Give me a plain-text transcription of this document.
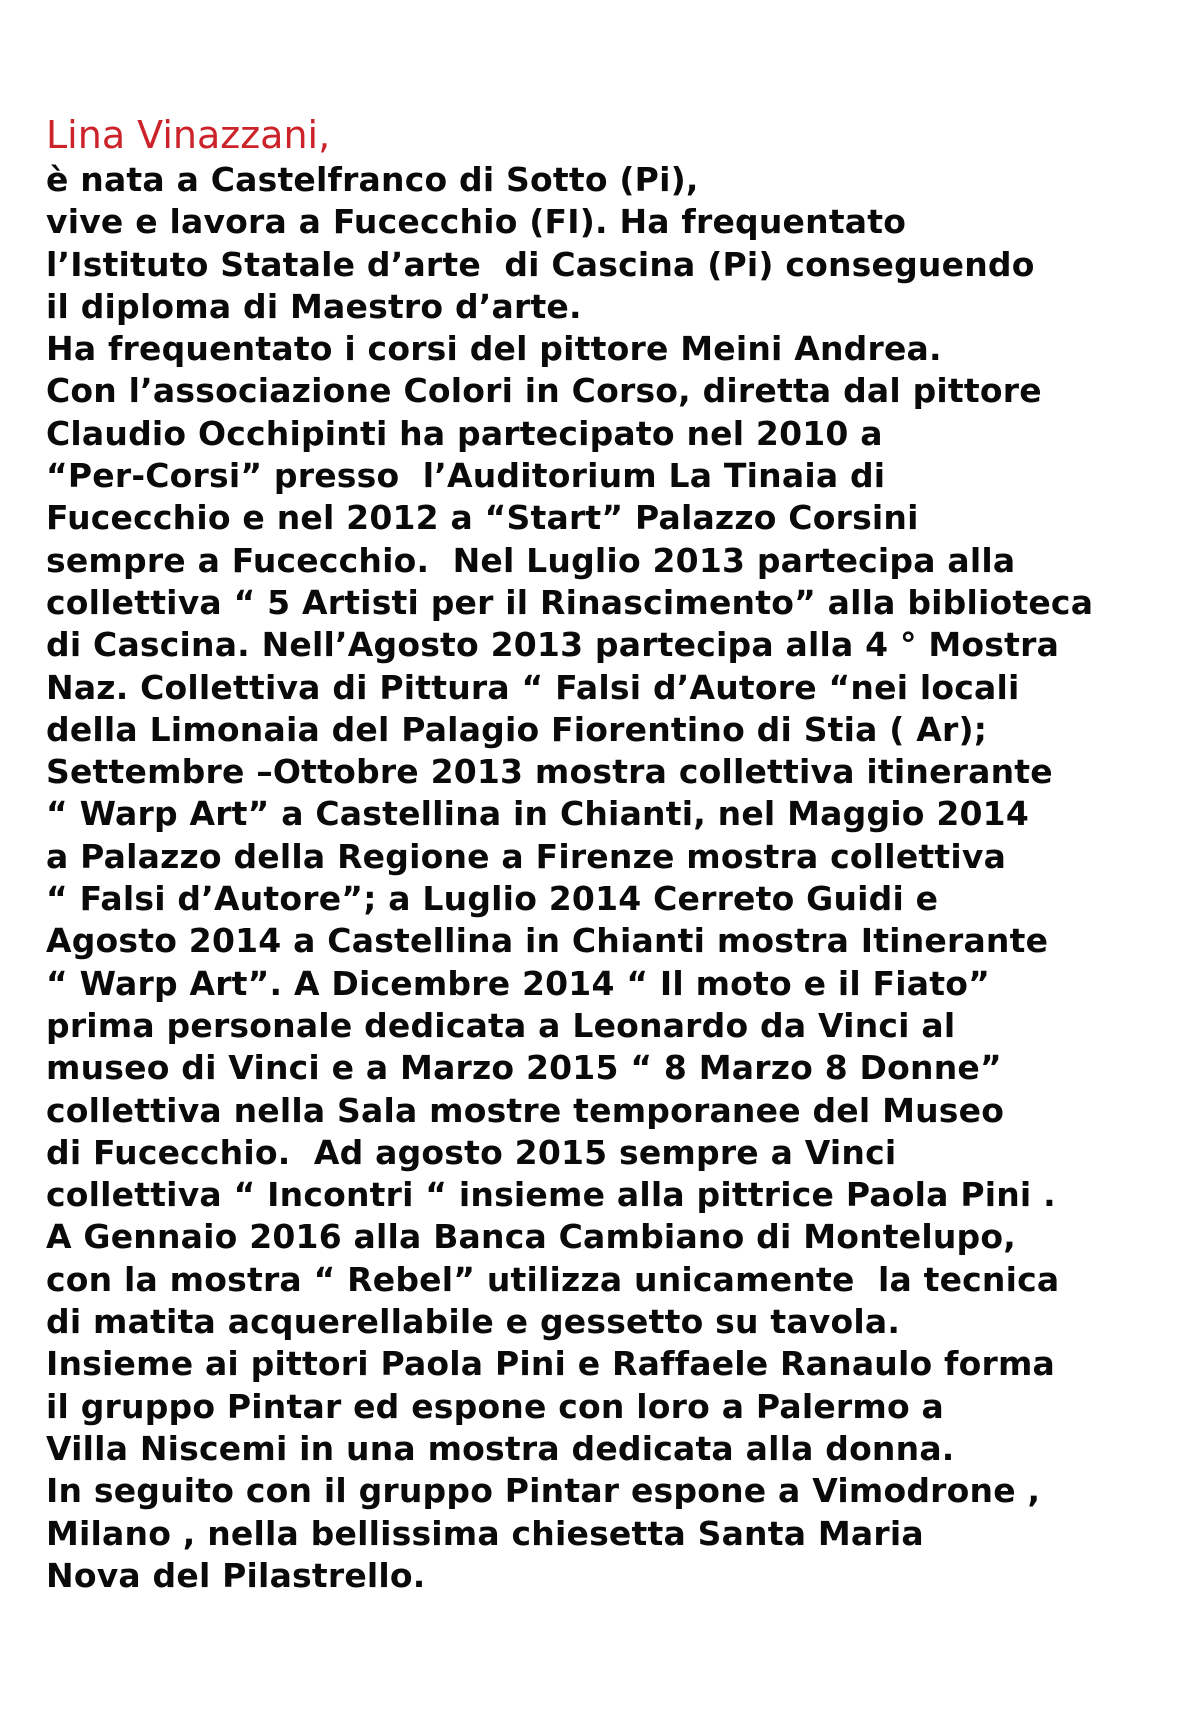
Lina Vinazzani,
è nata a Castelfranco di Sotto (Pi),
vive e lavora a Fucecchio (FI). Ha frequentato
l’Istituto Statale d’arte  di Cascina (Pi) conseguendo
il diploma di Maestro d’arte.
Ha frequentato i corsi del pittore Meini Andrea.
Con l’associazione Colori in Corso, diretta dal pittore
Claudio Occhipinti ha partecipato nel 2010 a
“Per-Corsi” presso  l’Auditorium La Tinaia di
Fucecchio e nel 2012 a “Start” Palazzo Corsini
sempre a Fucecchio.  Nel Luglio 2013 partecipa alla
collettiva “ 5 Artisti per il Rinascimento” alla biblioteca
di Cascina. Nell’Agosto 2013 partecipa alla 4 ° Mostra
Naz. Collettiva di Pittura “ Falsi d’Autore “nei locali
della Limonaia del Palagio Fiorentino di Stia ( Ar);
Settembre –Ottobre 2013 mostra collettiva itinerante
“ Warp Art” a Castellina in Chianti, nel Maggio 2014
a Palazzo della Regione a Firenze mostra collettiva
“ Falsi d’Autore”; a Luglio 2014 Cerreto Guidi e
Agosto 2014 a Castellina in Chianti mostra Itinerante
“ Warp Art”. A Dicembre 2014 “ Il moto e il Fiato”
prima personale dedicata a Leonardo da Vinci al
museo di Vinci e a Marzo 2015 “ 8 Marzo 8 Donne”
collettiva nella Sala mostre temporanee del Museo
di Fucecchio.  Ad agosto 2015 sempre a Vinci
collettiva “ Incontri “ insieme alla pittrice Paola Pini .
A Gennaio 2016 alla Banca Cambiano di Montelupo,
con la mostra “ Rebel” utilizza unicamente  la tecnica
di matita acquerellabile e gessetto su tavola.
Insieme ai pittori Paola Pini e Raffaele Ranaulo forma
il gruppo Pintar ed espone con loro a Palermo a
Villa Niscemi in una mostra dedicata alla donna.
In seguito con il gruppo Pintar espone a Vimodrone ,
Milano , nella bellissima chiesetta Santa Maria
Nova del Pilastrello.
